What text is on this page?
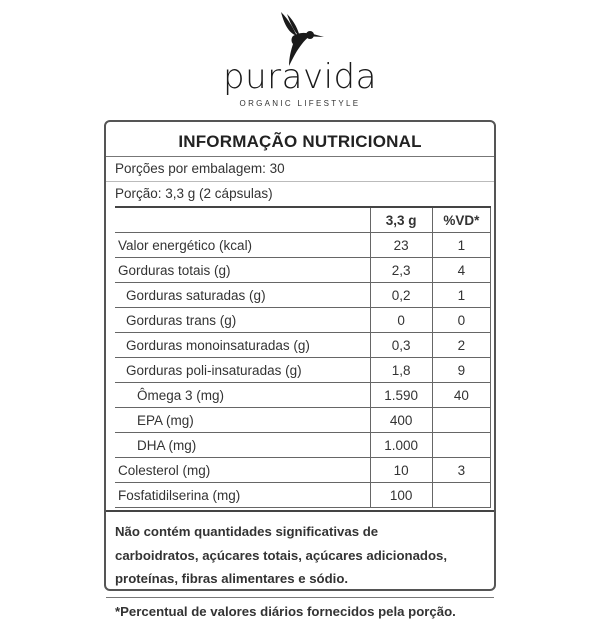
puravida
ORGANIC LIFESTYLE
INFORMAÇÃO NUTRICIONAL
Porções por embalagem: 30
Porção: 3,3 g (2 cápsulas)
	3,3 g	%VD*
Valor energético (kcal)	23	1
Gorduras totais (g)	2,3	4
Gorduras saturadas (g)	0,2	1
Gorduras trans (g)	0	0
Gorduras monoinsaturadas (g)	0,3	2
Gorduras poli-insaturadas (g)	1,8	9
Ômega 3 (mg)	1.590	40
EPA (mg)	400	
DHA (mg)	1.000	
Colesterol (mg)	10	3
Fosfatidilserina (mg)	100	
Não contém quantidades significativas de
carboidratos, açúcares totais, açúcares adicionados,
proteínas, fibras alimentares e sódio.
*Percentual de valores diários fornecidos pela porção.
